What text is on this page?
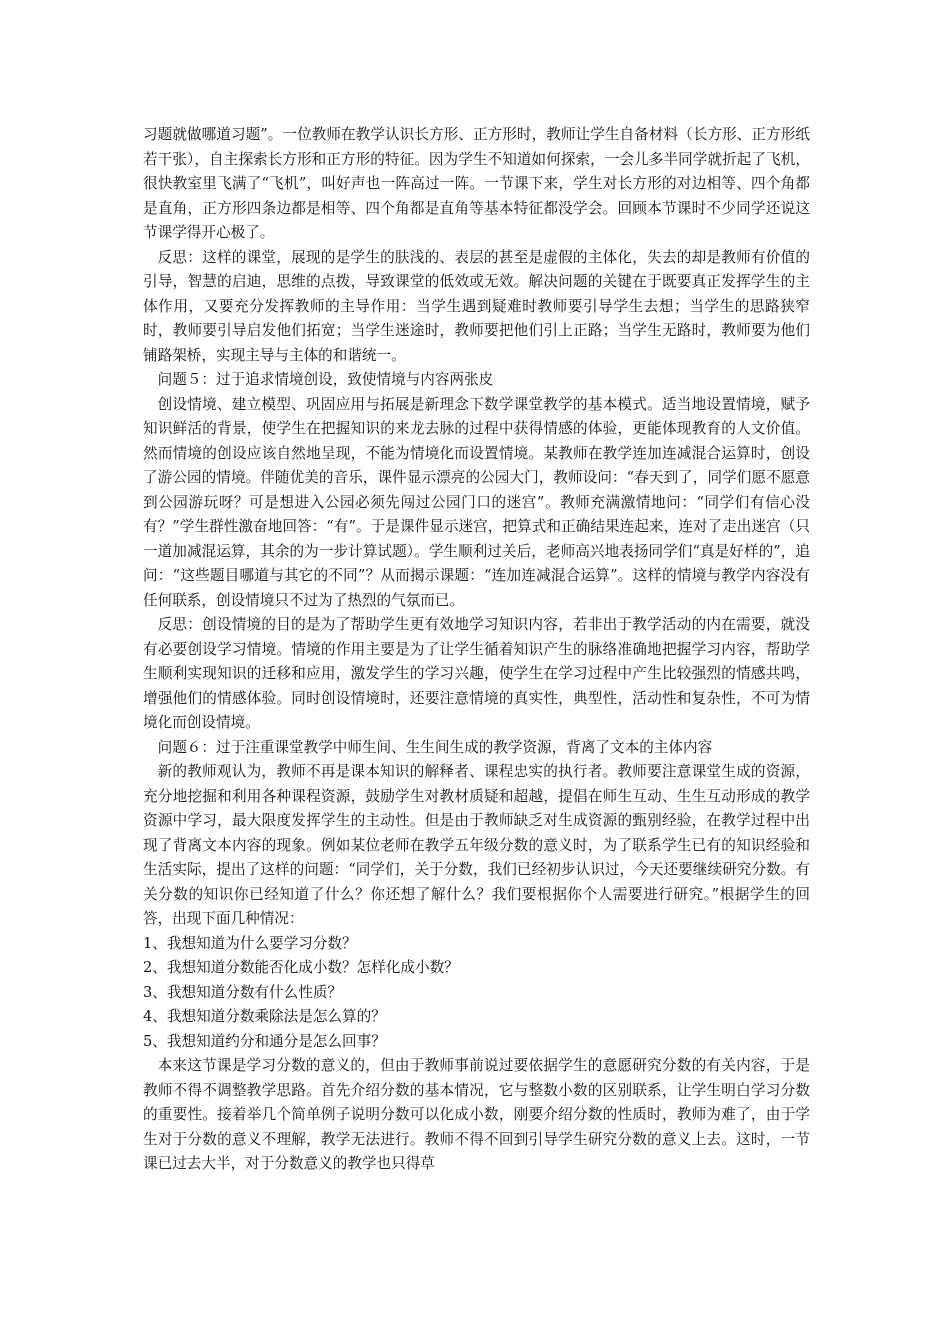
习题就做哪道习题”。一位教师在教学认识长方形、正方形时，教师让学生自备材料（长方形、正方形纸若干张），自主探索长方形和正方形的特征。因为学生不知道如何探索，一会儿多半同学就折起了飞机，很快教室里飞满了“飞机”，叫好声也一阵高过一阵。一节课下来，学生对长方形的对边相等、四个角都是直角，正方形四条边都是相等、四个角都是直角等基本特征都没学会。回顾本节课时不少同学还说这节课学得开心极了。

反思：这样的课堂，展现的是学生的肤浅的、表层的甚至是虚假的主体化，失去的却是教师有价值的引导，智慧的启迪，思维的点拨，导致课堂的低效或无效。解决问题的关键在于既要真正发挥学生的主体作用，又要充分发挥教师的主导作用：当学生遇到疑难时教师要引导学生去想；当学生的思路狭窄时，教师要引导启发他们拓宽；当学生迷途时，教师要把他们引上正路；当学生无路时，教师要为他们铺路架桥，实现主导与主体的和谐统一。

问题５：过于追求情境创设，致使情境与内容两张皮

创设情境、建立模型、巩固应用与拓展是新理念下数学课堂教学的基本模式。适当地设置情境，赋予知识鲜活的背景，使学生在把握知识的来龙去脉的过程中获得情感的体验，更能体现教育的人文价值。然而情境的创设应该自然地呈现，不能为情境化而设置情境。某教师在教学连加连减混合运算时，创设了游公园的情境。伴随优美的音乐，课件显示漂亮的公园大门，教师设问：“春天到了，同学们愿不愿意到公园游玩呀？可是想进入公园必须先闯过公园门口的迷宫”。教师充满激情地问：“同学们有信心没有？”学生群性激奋地回答：“有”。于是课件显示迷宫，把算式和正确结果连起来，连对了走出迷宫（只一道加减混运算，其余的为一步计算试题）。学生顺利过关后，老师高兴地表扬同学们“真是好样的”，追问：“这些题目哪道与其它的不同”？从而揭示课题：“连加连减混合运算”。这样的情境与教学内容没有任何联系，创设情境只不过为了热烈的气氛而已。

反思：创设情境的目的是为了帮助学生更有效地学习知识内容，若非出于教学活动的内在需要，就没有必要创设学习情境。情境的作用主要是为了让学生循着知识产生的脉络准确地把握学习内容，帮助学生顺利实现知识的迁移和应用，激发学生的学习兴趣，使学生在学习过程中产生比较强烈的情感共鸣，增强他们的情感体验。同时创设情境时，还要注意情境的真实性，典型性，活动性和复杂性，不可为情境化而创设情境。

问题６：过于注重课堂教学中师生间、生生间生成的教学资源，背离了文本的主体内容

新的教师观认为，教师不再是课本知识的解释者、课程忠实的执行者。教师要注意课堂生成的资源，充分地挖掘和利用各种课程资源，鼓励学生对教材质疑和超越，提倡在师生互动、生生互动形成的教学资源中学习，最大限度发挥学生的主动性。但是由于教师缺乏对生成资源的甄别经验，在教学过程中出现了背离文本内容的现象。例如某位老师在教学五年级分数的意义时，为了联系学生已有的知识经验和生活实际，提出了这样的问题：“同学们，关于分数，我们已经初步认识过，今天还要继续研究分数。有关分数的知识你已经知道了什么？你还想了解什么？我们要根据你个人需要进行研究。”根据学生的回答，出现下面几种情况：

1、我想知道为什么要学习分数？

2、我想知道分数能否化成小数？怎样化成小数？

3、我想知道分数有什么性质？

4、我想知道分数乘除法是怎么算的？

5、我想知道约分和通分是怎么回事？

本来这节课是学习分数的意义的，但由于教师事前说过要依据学生的意愿研究分数的有关内容，于是教师不得不调整教学思路。首先介绍分数的基本情况，它与整数小数的区别联系，让学生明白学习分数的重要性。接着举几个简单例子说明分数可以化成小数，刚要介绍分数的性质时，教师为难了，由于学生对于分数的意义不理解，教学无法进行。教师不得不回到引导学生研究分数的意义上去。这时，一节课已过去大半，对于分数意义的教学也只得草
